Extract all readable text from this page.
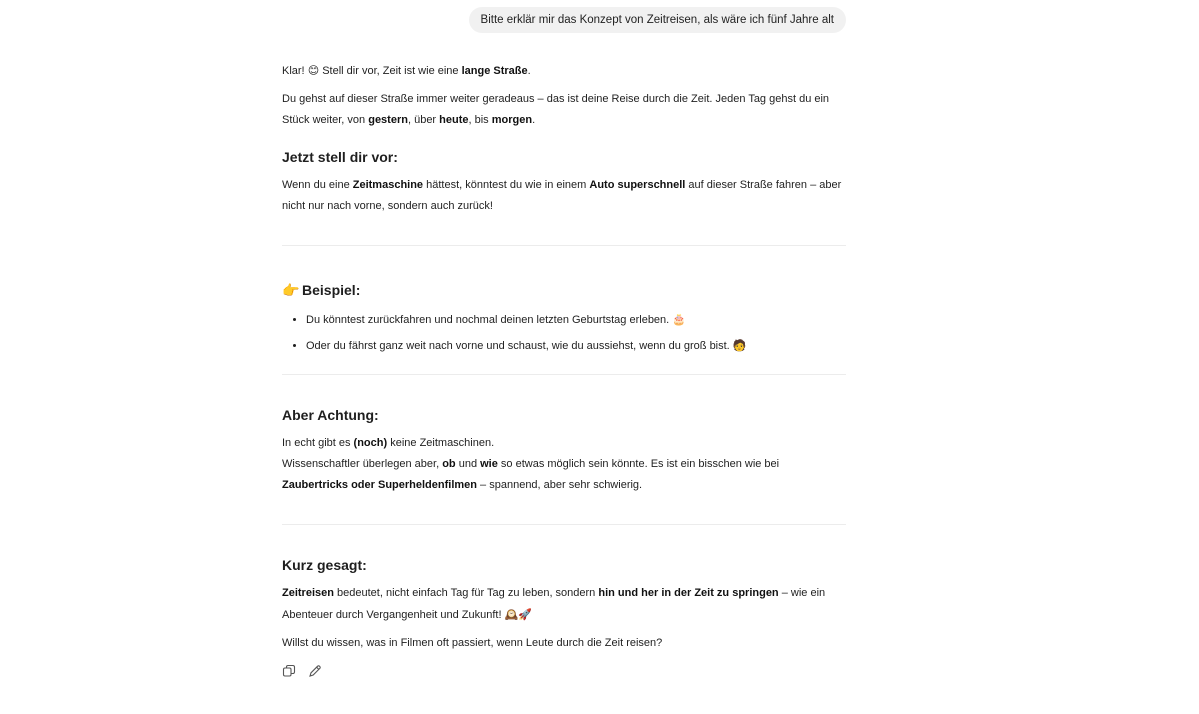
Bitte erklär mir das Konzept von Zeitreisen, als wäre ich fünf Jahre alt

Klar! 😊 Stell dir vor, Zeit ist wie eine lange Straße.

Du gehst auf dieser Straße immer weiter geradeaus – das ist deine Reise durch die Zeit. Jeden Tag gehst du ein Stück weiter, von gestern, über heute, bis morgen.

Jetzt stell dir vor:

Wenn du eine Zeitmaschine hättest, könntest du wie in einem Auto superschnell auf dieser Straße fahren – aber nicht nur nach vorne, sondern auch zurück!

👉 Beispiel:
• Du könntest zurückfahren und nochmal deinen letzten Geburtstag erleben. 🎂
• Oder du fährst ganz weit nach vorne und schaust, wie du aussiehst, wenn du groß bist. 🧑
Aber Achtung:

In echt gibt es (noch) keine Zeitmaschinen.

Wissenschaftler überlegen aber, ob und wie so etwas möglich sein könnte. Es ist ein bisschen wie bei Zaubertricks oder Superheldenfilmen – spannend, aber sehr schwierig.

Kurz gesagt:

Zeitreisen bedeutet, nicht einfach Tag für Tag zu leben, sondern hin und her in der Zeit zu springen – wie ein Abenteuer durch Vergangenheit und Zukunft! 🕰️🚀

Willst du wissen, was in Filmen oft passiert, wenn Leute durch die Zeit reisen?
